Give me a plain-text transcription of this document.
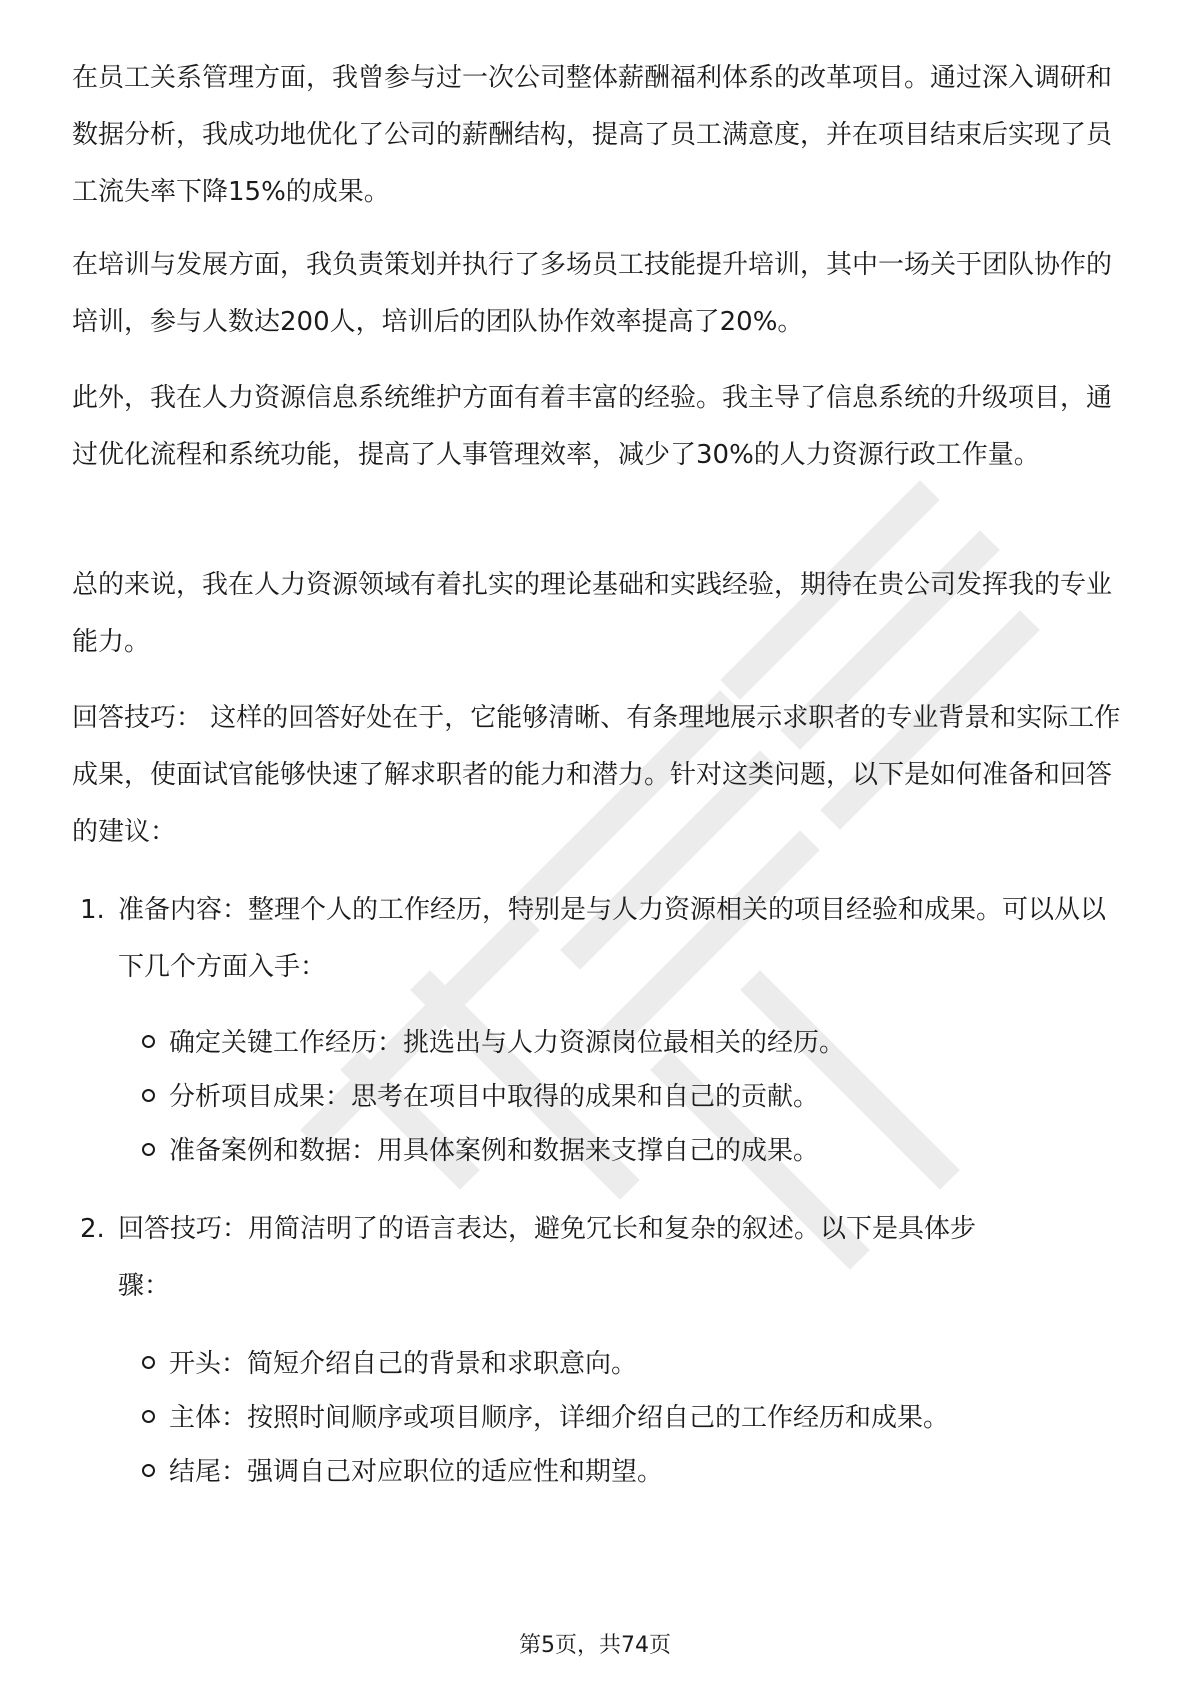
在员工关系管理方面，我曾参与过一次公司整体薪酬福利体系的改革项目。通过深入调研和数据分析，我成功地优化了公司的薪酬结构，提高了员工满意度，并在项目结束后实现了员工流失率下降15%的成果。

在培训与发展方面，我负责策划并执行了多场员工技能提升培训，其中一场关于团队协作的培训，参与人数达200人，培训后的团队协作效率提高了20%。

此外，我在人力资源信息系统维护方面有着丰富的经验。我主导了信息系统的升级项目，通过优化流程和系统功能，提高了人事管理效率，减少了30%的人力资源行政工作量。

总的来说，我在人力资源领域有着扎实的理论基础和实践经验，期待在贵公司发挥我的专业能力。

回答技巧： 这样的回答好处在于，它能够清晰、有条理地展示求职者的专业背景和实际工作成果，使面试官能够快速了解求职者的能力和潜力。针对这类问题，以下是如何准备和回答的建议：

1. 准备内容：整理个人的工作经历，特别是与人力资源相关的项目经验和成果。可以从以下几个方面入手：

确定关键工作经历：挑选出与人力资源岗位最相关的经历。
分析项目成果：思考在项目中取得的成果和自己的贡献。
准备案例和数据：用具体案例和数据来支撑自己的成果。
2. 回答技巧：用简洁明了的语言表达，避免冗长和复杂的叙述。以下是具体步骤：

开头：简短介绍自己的背景和求职意向。
主体：按照时间顺序或项目顺序，详细介绍自己的工作经历和成果。
结尾：强调自己对应职位的适应性和期望。
第5页，共74页
